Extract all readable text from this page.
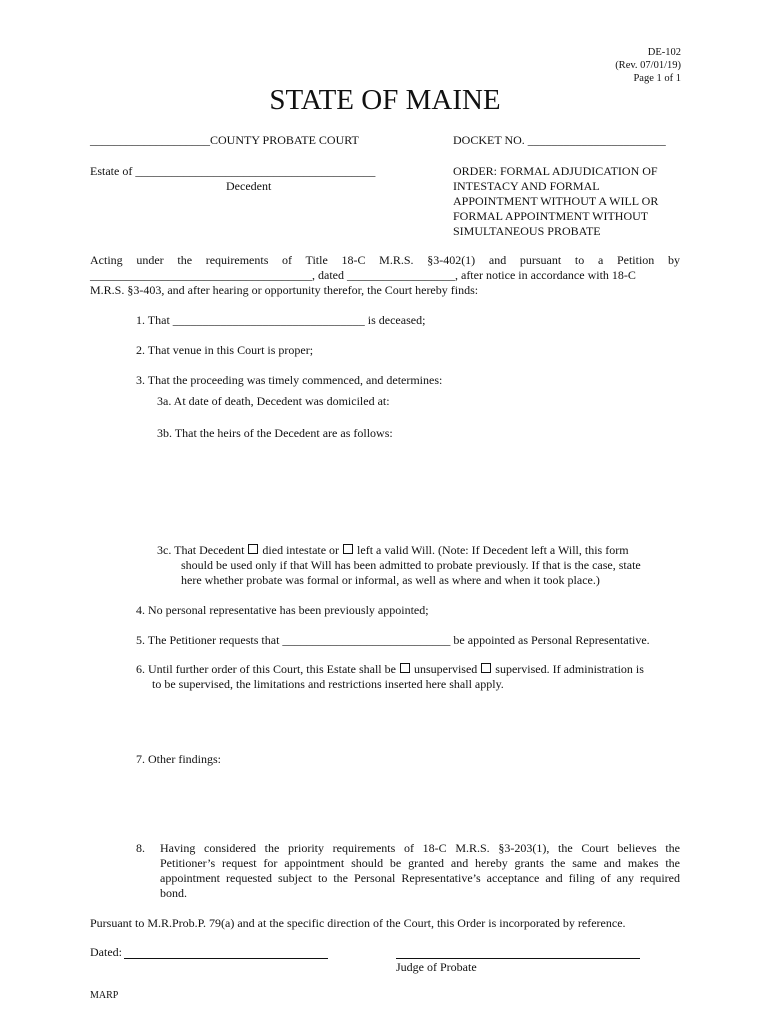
DE-102
(Rev. 07/01/19)
Page 1 of 1
STATE OF MAINE
____________________COUNTY PROBATE COURT	DOCKET NO. _______________________
Estate of ________________________________________
Decedent
ORDER: FORMAL ADJUDICATION OF
INTESTACY AND FORMAL
APPOINTMENT WITHOUT A WILL OR
FORMAL APPOINTMENT WITHOUT
SIMULTANEOUS PROBATE
Acting under the requirements of Title 18-C M.R.S. §3-402(1) and pursuant to a Petition by
_____________________________________, dated __________________, after notice in accordance with 18-C
M.R.S. §3-403, and after hearing or opportunity therefor, the Court hereby finds:
1. That ________________________________ is deceased;
2. That venue in this Court is proper;
3. That the proceeding was timely commenced, and determines:
3a. At date of death, Decedent was domiciled at:
3b. That the heirs of the Decedent are as follows:
3c. That Decedent died intestate or left a valid Will. (Note: If Decedent left a Will, this form
should be used only if that Will has been admitted to probate previously. If that is the case, state
here whether probate was formal or informal, as well as where and when it took place.)
4. No personal representative has been previously appointed;
5. The Petitioner requests that ____________________________ be appointed as Personal Representative.
6. Until further order of this Court, this Estate shall be unsupervised supervised. If administration is
to be supervised, the limitations and restrictions inserted here shall apply.
7. Other findings:
8. Having considered the priority requirements of 18-C M.R.S. §3-203(1), the Court believes the
Petitioner’s request for appointment should be granted and hereby grants the same and makes the
appointment requested subject to the Personal Representative’s acceptance and filing of any required
bond.
Pursuant to M.R.Prob.P. 79(a) and at the specific direction of the Court, this Order is incorporated by reference.
Dated:
Judge of Probate
MARP
